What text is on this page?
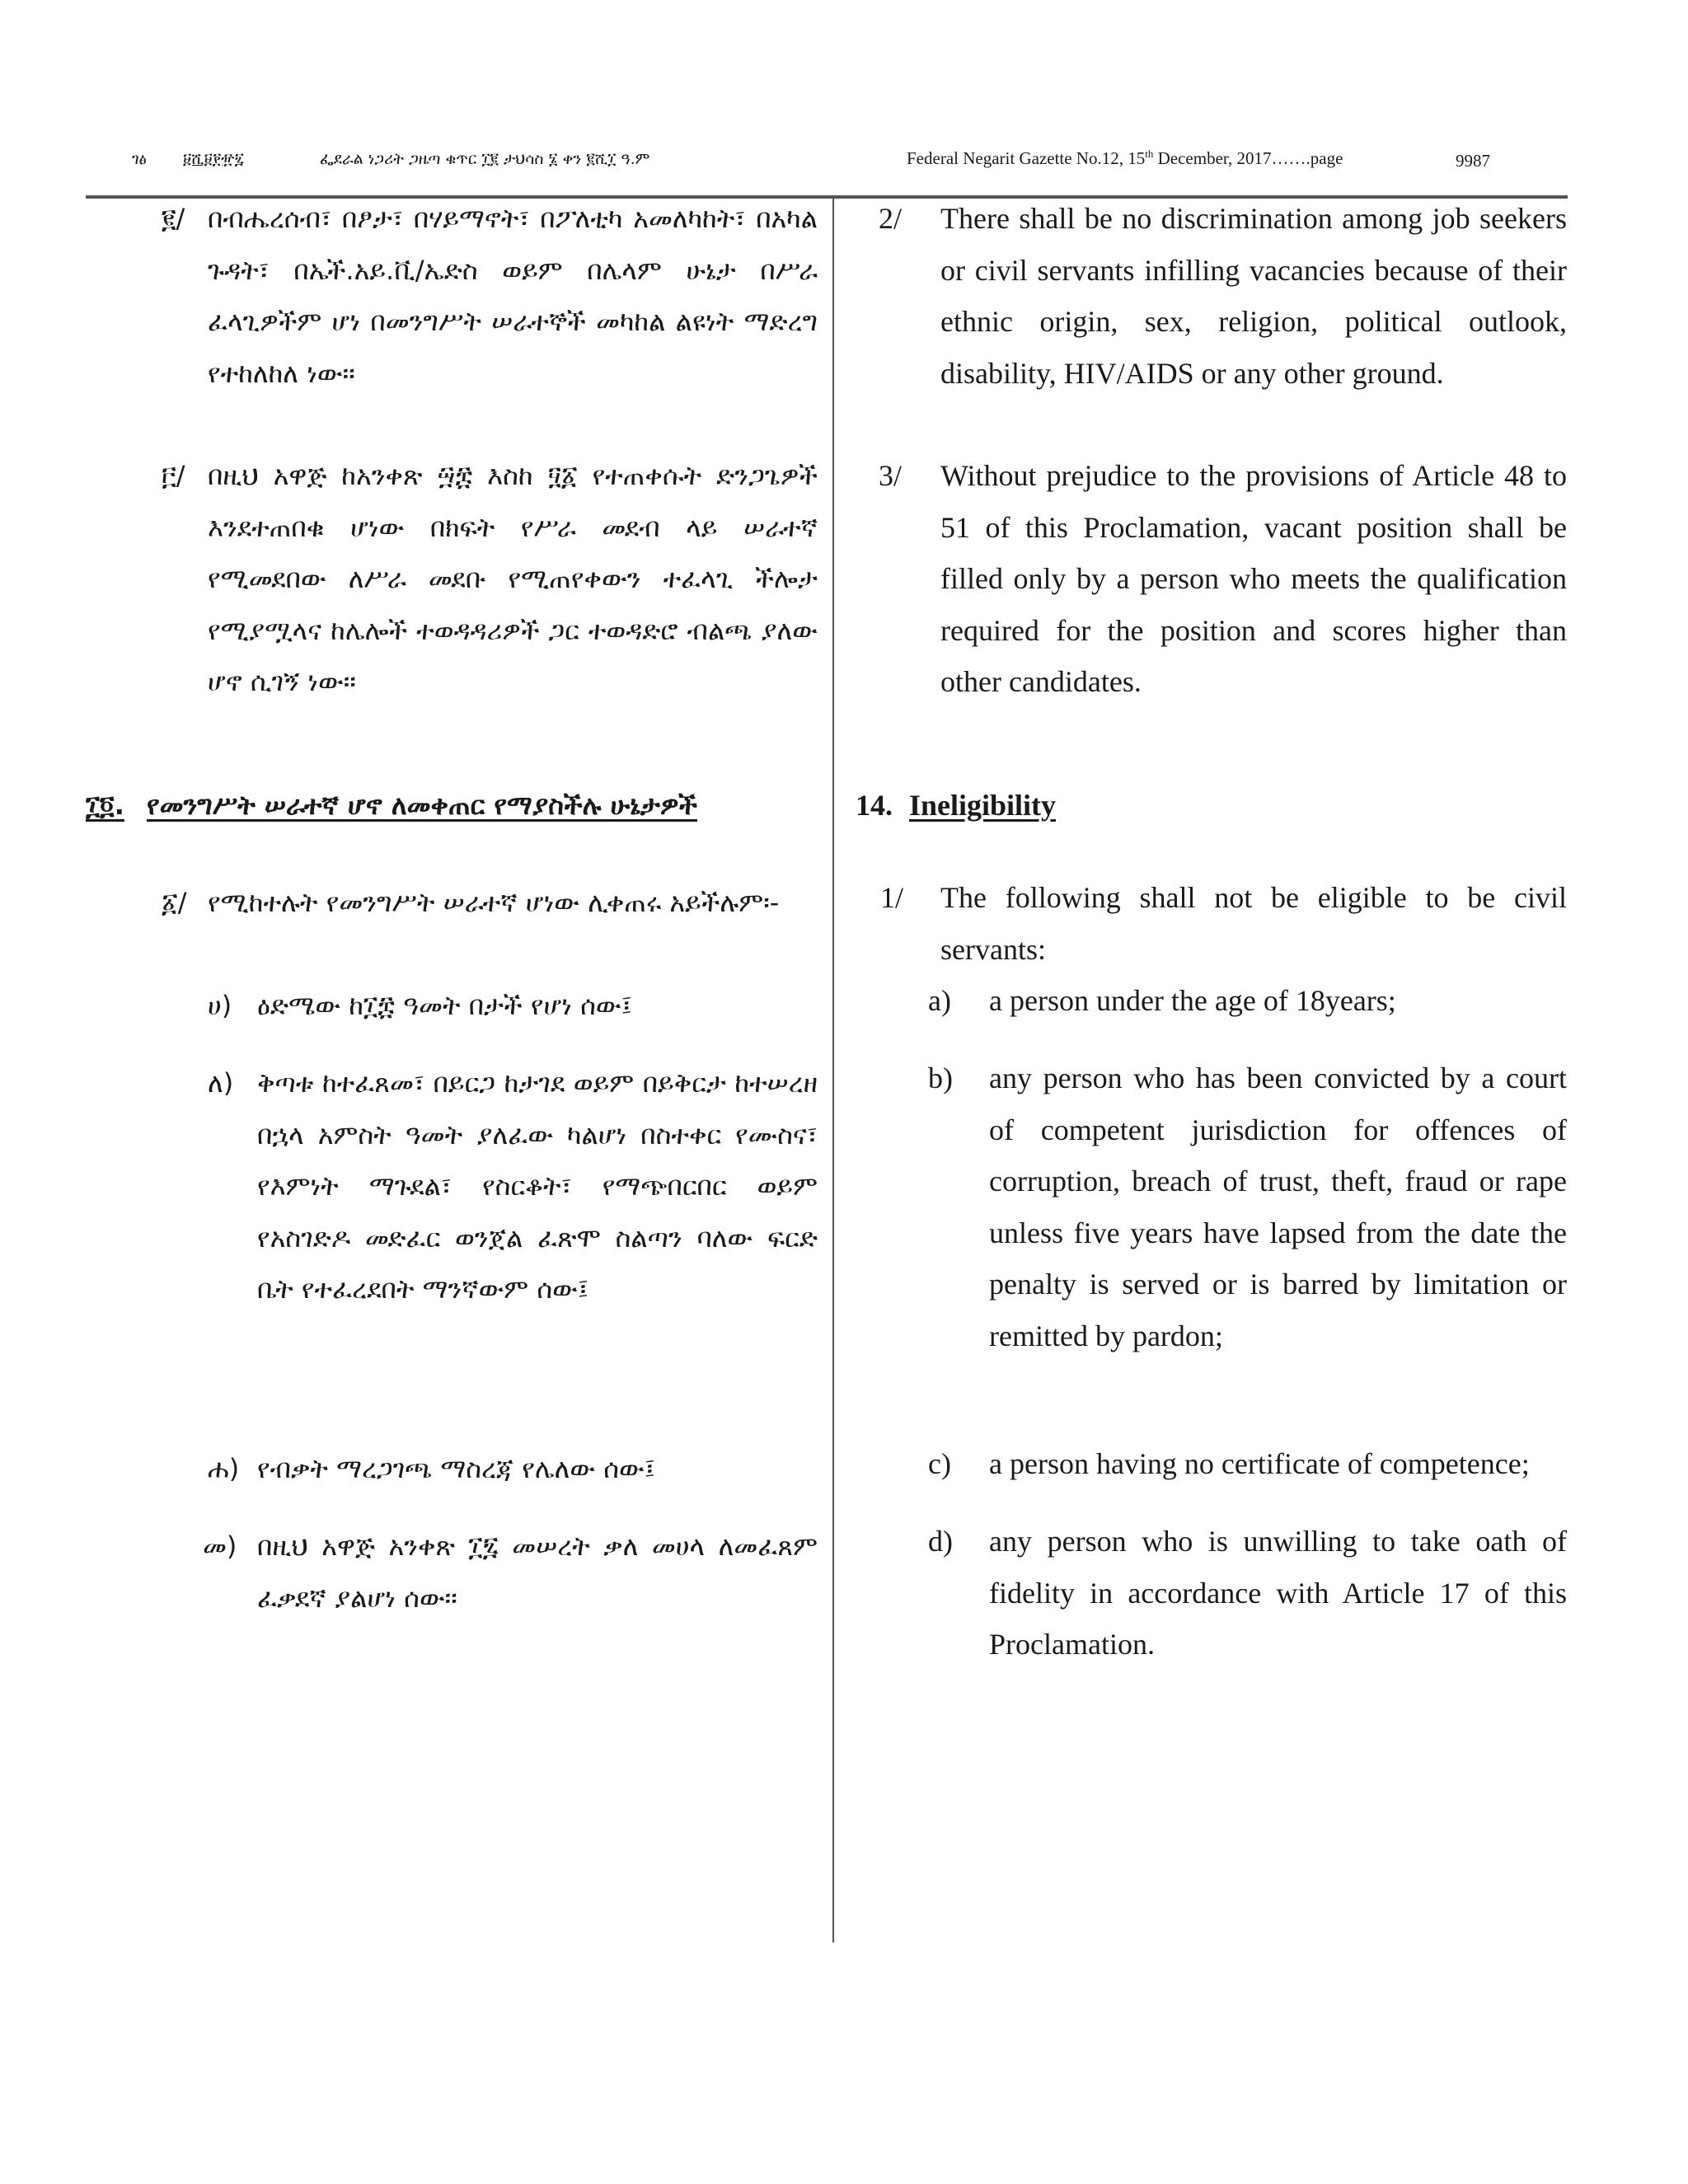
ገፅ ፱ሺ፱፻፹፯	ፌደራል ነጋሪት ጋዜጣ ቁጥር ፲፪ ታህሳስ ፮ ቀን ፪ሺ፲ ዓ.ም	Federal Negarit Gazette No.12, 15th December, 2017…….page	9987
፪/ በብሔረሰብ፣ በፆታ፣ በሃይማኖት፣ በፖለቲካ አመለካከት፣ በአካል ጉዳት፣ በኤች.አይ.ቪ/ኤድስ ወይም በሌላም ሁኔታ በሥራ ፈላጊዎችም ሆነ በመንግሥት ሠራተኞች መካከል ልዩነት ማድረግ የተከለከለ ነው፡፡
፫/ በዚህ አዋጅ ከአንቀጽ ፵፰ እስከ ፶፩ የተጠቀሱት ድንጋጌዎች እንደተጠበቁ ሆነው በክፍት የሥራ መደብ ላይ ሠራተኛ የሚመደበው ለሥራ መደቡ የሚጠየቀውን ተፈላጊ ችሎታ የሚያሟላና ከሌሎች ተወዳዳሪዎች ጋር ተወዳድሮ ብልጫ ያለው ሆኖ ሲገኝ ነው፡፡
፲፬. የመንግሥት ሠራተኛ ሆኖ ለመቀጠር የማያስችሉ ሁኔታዎች
፩/ የሚከተሉት የመንግሥት ሠራተኛ ሆነው ሊቀጠሩ አይችሉም፡-
ሀ) ዕድሜው ከ፲፰ ዓመት በታች የሆነ ሰው፤
ለ) ቅጣቱ ከተፈጸመ፣ በይርጋ ከታገደ ወይም በይቅርታ ከተሠረዘ በኋላ አምስት ዓመት ያለፈው ካልሆነ በስተቀር የሙስና፣ የእምነት ማጉደል፣ የስርቆት፣ የማጭበርበር ወይም የአስገድዶ መድፈር ወንጀል ፈጽሞ ስልጣን ባለው ፍርድ ቤት የተፈረደበት ማንኛውም ሰው፤
ሐ) የብቃት ማረጋገጫ ማስረጃ የሌለው ሰው፤
መ) በዚህ አዋጅ አንቀጽ ፲፯ መሠረት ቃለ መሀላ ለመፈጸም ፈቃደኛ ያልሆነ ሰው፡፡
2/ There shall be no discrimination among job seekers or civil servants infilling vacancies because of their ethnic origin, sex, religion, political outlook, disability, HIV/AIDS or any other ground.
3/ Without prejudice to the provisions of Article 48 to 51 of this Proclamation, vacant position shall be filled only by a person who meets the qualification required for the position and scores higher than other candidates.
14. Ineligibility
1/ The following shall not be eligible to be civil servants:
a) a person under the age of 18years;
b) any person who has been convicted by a court of competent jurisdiction for offences of corruption, breach of trust, theft, fraud or rape unless five years have lapsed from the date the penalty is served or is barred by limitation or remitted by pardon;
c) a person having no certificate of competence;
d) any person who is unwilling to take oath of fidelity in accordance with Article 17 of this Proclamation.
